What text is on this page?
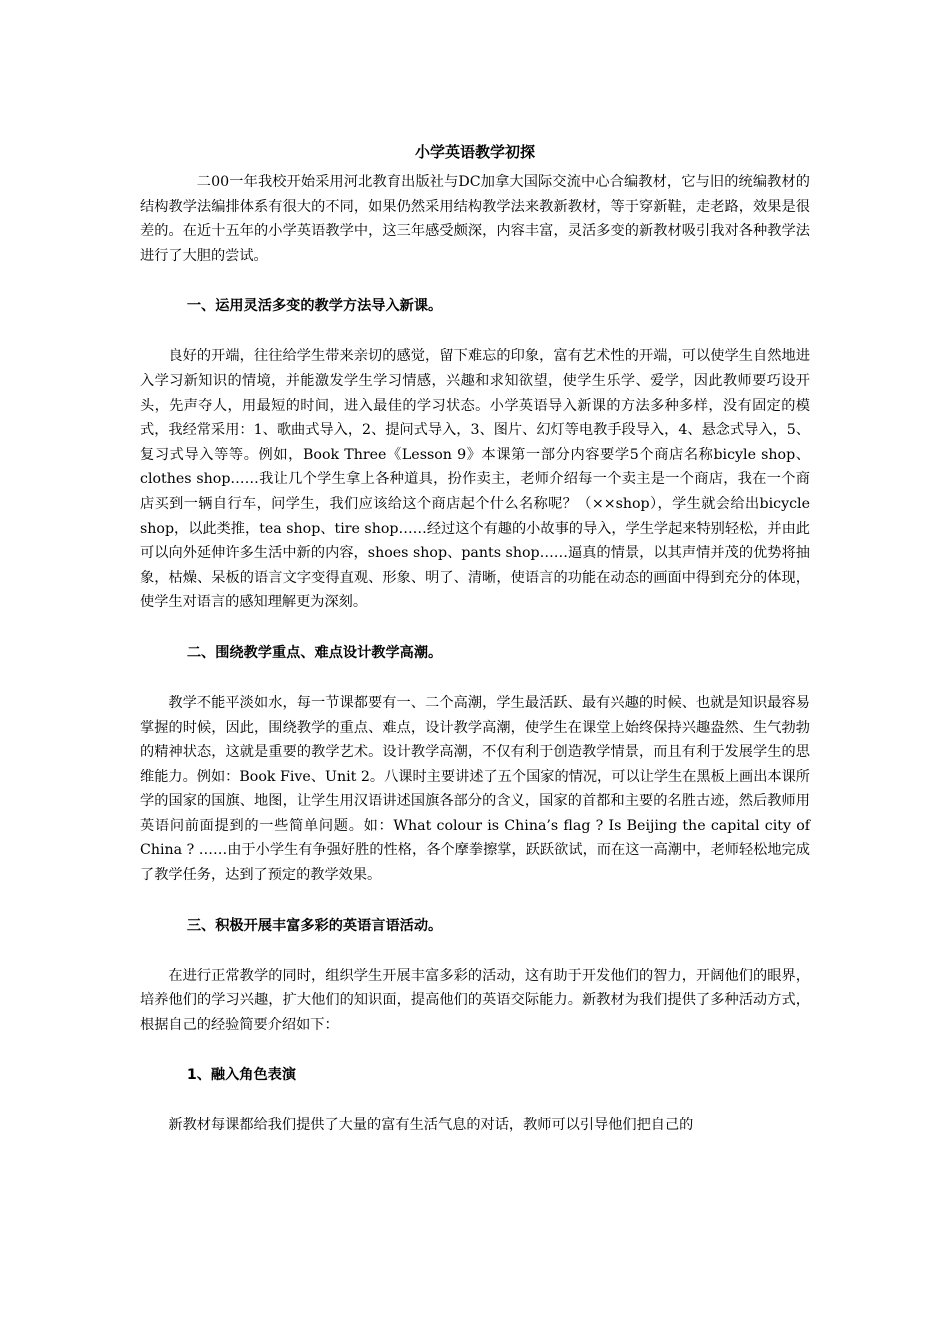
小学英语教学初探

二00一年我校开始采用河北教育出版社与DC加拿大国际交流中心合编教材，它与旧的统编教材的结构教学法编排体系有很大的不同，如果仍然采用结构教学法来教新教材，等于穿新鞋，走老路，效果是很差的。在近十五年的小学英语教学中，这三年感受颇深，内容丰富，灵活多变的新教材吸引我对各种教学法进行了大胆的尝试。

一、运用灵活多变的教学方法导入新课。

良好的开端，往往给学生带来亲切的感觉，留下难忘的印象，富有艺术性的开端，可以使学生自然地进入学习新知识的情境，并能激发学生学习情感，兴趣和求知欲望，使学生乐学、爱学，因此教师要巧设开头，先声夺人，用最短的时间，进入最佳的学习状态。小学英语导入新课的方法多种多样，没有固定的模式，我经常采用：1、歌曲式导入，2、提问式导入，3、图片、幻灯等电教手段导入，4、悬念式导入，5、复习式导入等等。例如，Book Three《Lesson 9》本课第一部分内容要学5个商店名称bicyle shop、clothes shop……我让几个学生拿上各种道具，扮作卖主，老师介绍每一个卖主是一个商店，我在一个商店买到一辆自行车，问学生，我们应该给这个商店起个什么名称呢？（××shop），学生就会给出bicycle shop，以此类推，tea shop、tire shop……经过这个有趣的小故事的导入，学生学起来特别轻松，并由此可以向外延伸许多生活中新的内容，shoes shop、pants shop……逼真的情景，以其声情并茂的优势将抽象，枯燥、呆板的语言文字变得直观、形象、明了、清晰，使语言的功能在动态的画面中得到充分的体现，使学生对语言的感知理解更为深刻。

二、围绕教学重点、难点设计教学高潮。

教学不能平淡如水，每一节课都要有一、二个高潮，学生最活跃、最有兴趣的时候、也就是知识最容易掌握的时候，因此，围绕教学的重点、难点，设计教学高潮，使学生在课堂上始终保持兴趣盎然、生气勃勃的精神状态，这就是重要的教学艺术。设计教学高潮，不仅有利于创造教学情景，而且有利于发展学生的思维能力。例如：Book Five、Unit 2。八课时主要讲述了五个国家的情况，可以让学生在黑板上画出本课所学的国家的国旗、地图，让学生用汉语讲述国旗各部分的含义，国家的首都和主要的名胜古迹，然后教师用英语问前面提到的一些简单问题。如：What colour is China’s flag ? Is Beijing the capital city of China ? ……由于小学生有争强好胜的性格，各个摩拳擦掌，跃跃欲试，而在这一高潮中，老师轻松地完成了教学任务，达到了预定的教学效果。

三、积极开展丰富多彩的英语言语活动。

在进行正常教学的同时，组织学生开展丰富多彩的活动，这有助于开发他们的智力，开阔他们的眼界，培养他们的学习兴趣，扩大他们的知识面，提高他们的英语交际能力。新教材为我们提供了多种活动方式，根据自己的经验简要介绍如下：

1、融入角色表演

新教材每课都给我们提供了大量的富有生活气息的对话，教师可以引导他们把自己的
